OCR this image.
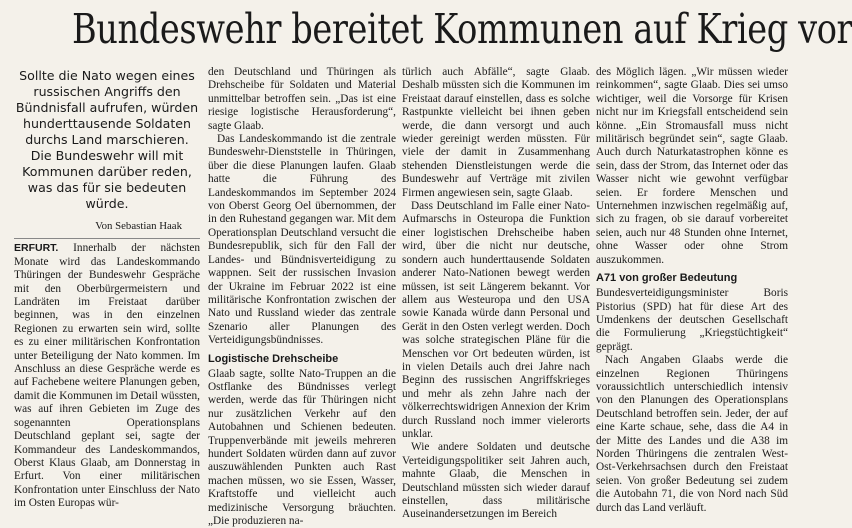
Bundeswehr bereitet Kommunen auf Krieg vor
Sollte die Nato wegen eines russischen Angriffs den Bündnisfall aufrufen, würden hunderttausende Soldaten durchs Land marschieren. Die Bundeswehr will mit Kommunen darüber reden, was das für sie bedeuten würde.
Von Sebastian Haak

ERFURT. Innerhalb der nächsten Monate wird das Landeskommando Thüringen der Bundeswehr Gespräche mit den Oberbürgermeistern und Landräten im Freistaat darüber beginnen, was in den einzelnen Regionen zu erwarten sein wird, sollte es zu einer militärischen Konfrontation unter Beteiligung der Nato kommen. Im Anschluss an diese Gespräche werde es auf Fachebene weitere Planungen geben, damit die Kommunen im Detail wüssten, was auf ihren Gebieten im Zuge des sogenannten Operationsplans Deutschland geplant sei, sagte der Kommandeur des Landeskommandos, Oberst Klaus Glaab, am Donnerstag in Erfurt. Von einer militärischen Konfrontation unter Einschluss der Nato im Osten Europas wür-

den Deutschland und Thüringen als Drehscheibe für Soldaten und Material unmittelbar betroffen sein. „Das ist eine riesige logistische Herausforderung“, sagte Glaab.

Das Landeskommando ist die zentrale Bundeswehr-Dienststelle in Thüringen, über die diese Planungen laufen. Glaab hatte die Führung des Landeskommandos im September 2024 von Oberst Georg Oel übernommen, der in den Ruhestand gegangen war. Mit dem Operationsplan Deutschland versucht die Bundesrepublik, sich für den Fall der Landes- und Bündnisverteidigung zu wappnen. Seit der russischen Invasion der Ukraine im Februar 2022 ist eine militärische Konfrontation zwischen der Nato und Russland wieder das zentrale Szenario aller Planungen des Verteidigungsbündnisses.

Logistische Drehscheibe

Glaab sagte, sollte Nato-Truppen an die Ostflanke des Bündnisses verlegt werden, werde das für Thüringen nicht nur zusätzlichen Verkehr auf den Autobahnen und Schienen bedeuten. Truppenverbände mit jeweils mehreren hundert Soldaten würden dann auf zuvor auszuwählenden Punkten auch Rast machen müssen, wo sie Essen, Wasser, Kraftstoffe und vielleicht auch medizinische Versorgung bräuchten. „Die produzieren na-

türlich auch Abfälle“, sagte Glaab. Deshalb müssten sich die Kommunen im Freistaat darauf einstellen, dass es solche Rastpunkte vielleicht bei ihnen geben werde, die dann versorgt und auch wieder gereinigt werden müssten. Für viele der damit in Zusammenhang stehenden Dienstleistungen werde die Bundeswehr auf Verträge mit zivilen Firmen angewiesen sein, sagte Glaab.

Dass Deutschland im Falle einer Nato-Aufmarschs in Osteuropa die Funktion einer logistischen Drehscheibe haben wird, über die nicht nur deutsche, sondern auch hunderttausende Soldaten anderer Nato-Nationen bewegt werden müssen, ist seit Längerem bekannt. Vor allem aus Westeuropa und den USA sowie Kanada würde dann Personal und Gerät in den Osten verlegt werden. Doch was solche strategischen Pläne für die Menschen vor Ort bedeuten würden, ist in vielen Details auch drei Jahre nach Beginn des russischen Angriffskrieges und mehr als zehn Jahre nach der völkerrechtswidrigen Annexion der Krim durch Russland noch immer vielerorts unklar.

Wie andere Soldaten und deutsche Verteidigungspolitiker seit Jahren auch, mahnte Glaab, die Menschen in Deutschland müssten sich wieder darauf einstellen, dass militärische Auseinandersetzungen im Bereich

des Möglich lägen. „Wir müssen wieder reinkommen“, sagte Glaab. Dies sei umso wichtiger, weil die Vorsorge für Krisen nicht nur im Kriegsfall entscheidend sein könne. „Ein Stromausfall muss nicht militärisch begründet sein“, sagte Glaab. Auch durch Naturkatastrophen könne es sein, dass der Strom, das Internet oder das Wasser nicht wie gewohnt verfügbar seien. Er fordere Menschen und Unternehmen inzwischen regelmäßig auf, sich zu fragen, ob sie darauf vorbereitet seien, auch nur 48 Stunden ohne Internet, ohne Wasser oder ohne Strom auszukommen.

A71 von großer Bedeutung

Bundesverteidigungsminister Boris Pistorius (SPD) hat für diese Art des Umdenkens der deutschen Gesellschaft die Formulierung „Kriegstüchtigkeit“ geprägt.

Nach Angaben Glaabs werde die einzelnen Regionen Thüringens voraussichtlich unterschiedlich intensiv von den Planungen des Operationsplans Deutschland betroffen sein. Jeder, der auf eine Karte schaue, sehe, dass die A4 in der Mitte des Landes und die A38 im Norden Thüringens die zentralen West-Ost-Verkehrsachsen durch den Freistaat seien. Von großer Bedeutung sei zudem die Autobahn 71, die von Nord nach Süd durch das Land verläuft.
